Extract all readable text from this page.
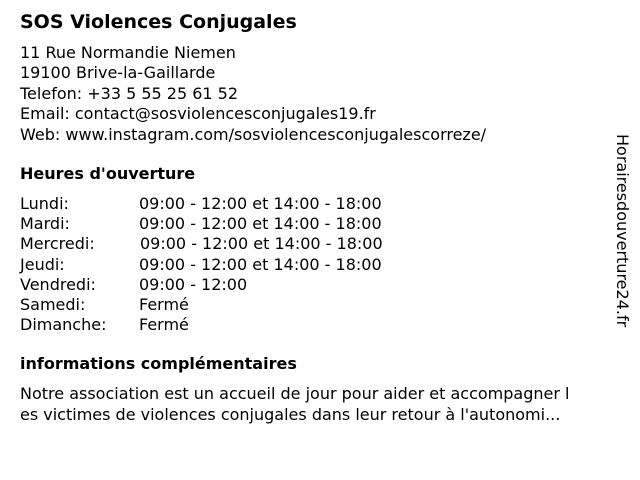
SOS Violences Conjugales
11 Rue Normandie Niemen
19100 Brive-la-Gaillarde
Telefon: +33 5 55 25 61 52
Email: contact@sosviolencesconjugales19.fr
Web: www.instagram.com/sosviolencesconjugalescorreze/
Heures d'ouverture
Lundi:	09:00 - 12:00 et 14:00 - 18:00
Mardi:	09:00 - 12:00 et 14:00 - 18:00
Mercredi:	09:00 - 12:00 et 14:00 - 18:00
Jeudi:	09:00 - 12:00 et 14:00 - 18:00
Vendredi:	09:00 - 12:00
Samedi:	Fermé
Dimanche: Fermé
informations complémentaires
Notre association est un accueil de jour pour aider et accompagner l
es victimes de violences conjugales dans leur retour à l'autonomi...
Horairesdouverture24.fr
